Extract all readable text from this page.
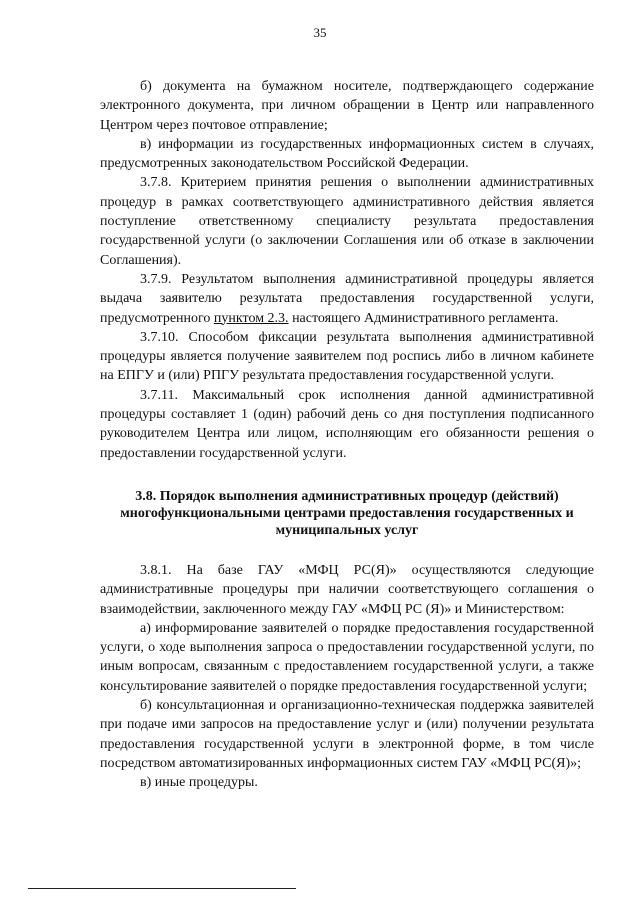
35

б) документа на бумажном носителе, подтверждающего содержание электронного документа, при личном обращении в Центр или направленного Центром через почтовое отправление;

в) информации из государственных информационных систем в случаях, предусмотренных законодательством Российской Федерации.

3.7.8. Критерием принятия решения о выполнении административных процедур в рамках соответствующего административного действия является поступление ответственному специалисту результата предоставления государственной услуги (о заключении Соглашения или об отказе в заключении Соглашения).

3.7.9. Результатом выполнения административной процедуры является выдача заявителю результата предоставления государственной услуги, предусмотренного пунктом 2.3. настоящего Административного регламента.

3.7.10. Способом фиксации результата выполнения административной процедуры является получение заявителем под роспись либо в личном кабинете на ЕПГУ и (или) РПГУ результата предоставления государственной услуги.

3.7.11. Максимальный срок исполнения данной административной процедуры составляет 1 (один) рабочий день со дня поступления подписанного руководителем Центра или лицом, исполняющим его обязанности решения о предоставлении государственной услуги.

3.8. Порядок выполнения административных процедур (действий) многофункциональными центрами предоставления государственных и муниципальных услуг

3.8.1. На базе ГАУ «МФЦ РС(Я)» осуществляются следующие административные процедуры при наличии соответствующего соглашения о взаимодействии, заключенного между ГАУ «МФЦ РС (Я)» и Министерством:

а) информирование заявителей о порядке предоставления государственной услуги, о ходе выполнения запроса о предоставлении государственной услуги, по иным вопросам, связанным с предоставлением государственной услуги, а также консультирование заявителей о порядке предоставления государственной услуги;

б) консультационная и организационно-техническая поддержка заявителей при подаче ими запросов на предоставление услуг и (или) получении результата предоставления государственной услуги в электронной форме, в том числе посредством автоматизированных информационных систем ГАУ «МФЦ РС(Я)»;

в) иные процедуры.
